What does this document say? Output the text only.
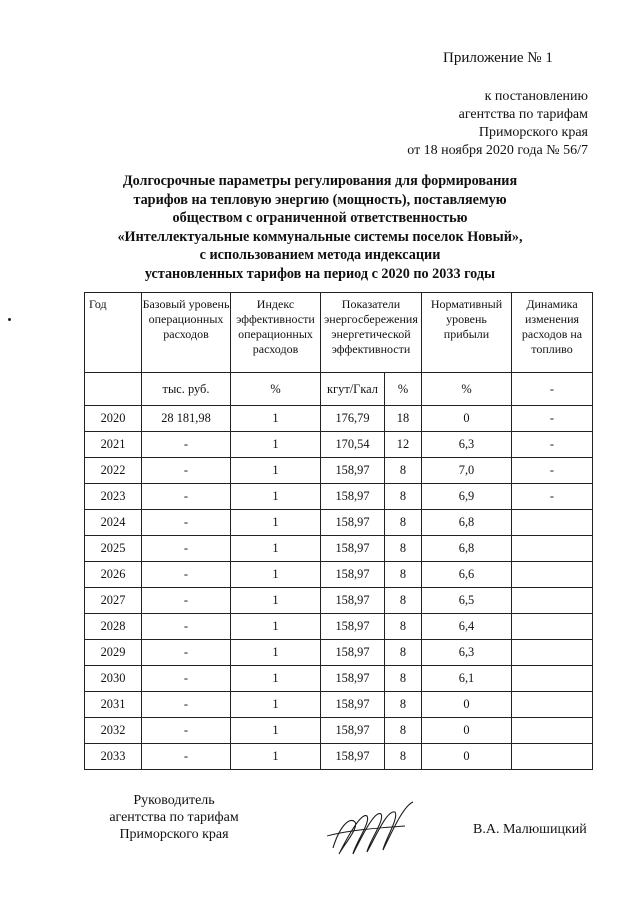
Приложение № 1
к постановлению
агентства по тарифам
Приморского края
от 18 ноября 2020 года № 56/7
Долгосрочные параметры регулирования для формирования
тарифов на тепловую энергию (мощность), поставляемую
обществом с ограниченной ответственностью
«Интеллектуальные коммунальные системы поселок Новый»,
с использованием метода индексации
установленных тарифов на период с 2020 по 2033 годы
Год	Базовый уровень операционных расходов	Индекс эффективности операционных расходов	Показатели энергосбережения энергетической эффективности		Нормативный уровень прибыли	Динамика изменения расходов на топливо
	тыс. руб.	%	кгут/Гкал	%	%	-
2020	28 181,98	1	176,79	18	0	-
2021	-	1	170,54	12	6,3	-
2022	-	1	158,97	8	7,0	-
2023	-	1	158,97	8	6,9	-
2024	-	1	158,97	8	6,8	
2025	-	1	158,97	8	6,8	
2026	-	1	158,97	8	6,6	
2027	-	1	158,97	8	6,5	
2028	-	1	158,97	8	6,4	
2029	-	1	158,97	8	6,3	
2030	-	1	158,97	8	6,1	
2031	-	1	158,97	8	0	
2032	-	1	158,97	8	0	
2033	-	1	158,97	8	0	
Руководитель
агентства по тарифам
Приморского края	В.А. Малюшицкий
